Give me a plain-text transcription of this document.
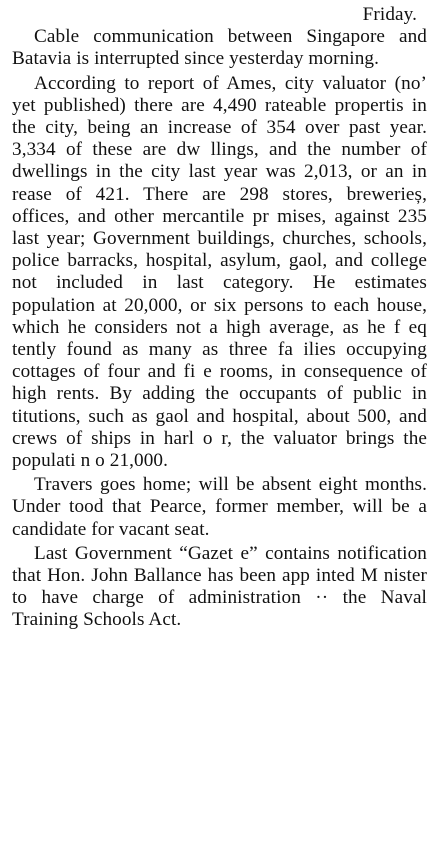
Friday.

Cable communication between Singapore and Batavia is interrupted since yesterday morning.

According to report of Ames, city valuator (no’ yet published) there are 4,490 rateable propertis in the city, being an increase of 354 over past year. 3,334 of these are dw llings, and the number of dwellings in the city last year was 2,013, or an in rease of 421. There are 298 stores, brewerieș, offices, and other mercantile pr mises, against 235 last year; Government buildings, churches, schools, police barracks, hospital, asylum, gaol, and college not included in last category. He estimates population at 20,000, or six persons to each house, which he considers not a high average, as he f eq tently found as many as three fa ilies occupying cottages of four and fi e rooms, in consequence of high rents. By adding the occupants of public in titutions, such as gaol and hospital, about 500, and crews of ships in harl o r, the valuator brings the populati n o 21,000.

Travers goes home; will be absent eight months. Under tood that Pearce, former member, will be a candidate for vacant seat.

Last Government “Gazet e” contains notification that Hon. John Ballance has been app inted M nister to have charge of administration ·· the Naval Training Schools Act.
